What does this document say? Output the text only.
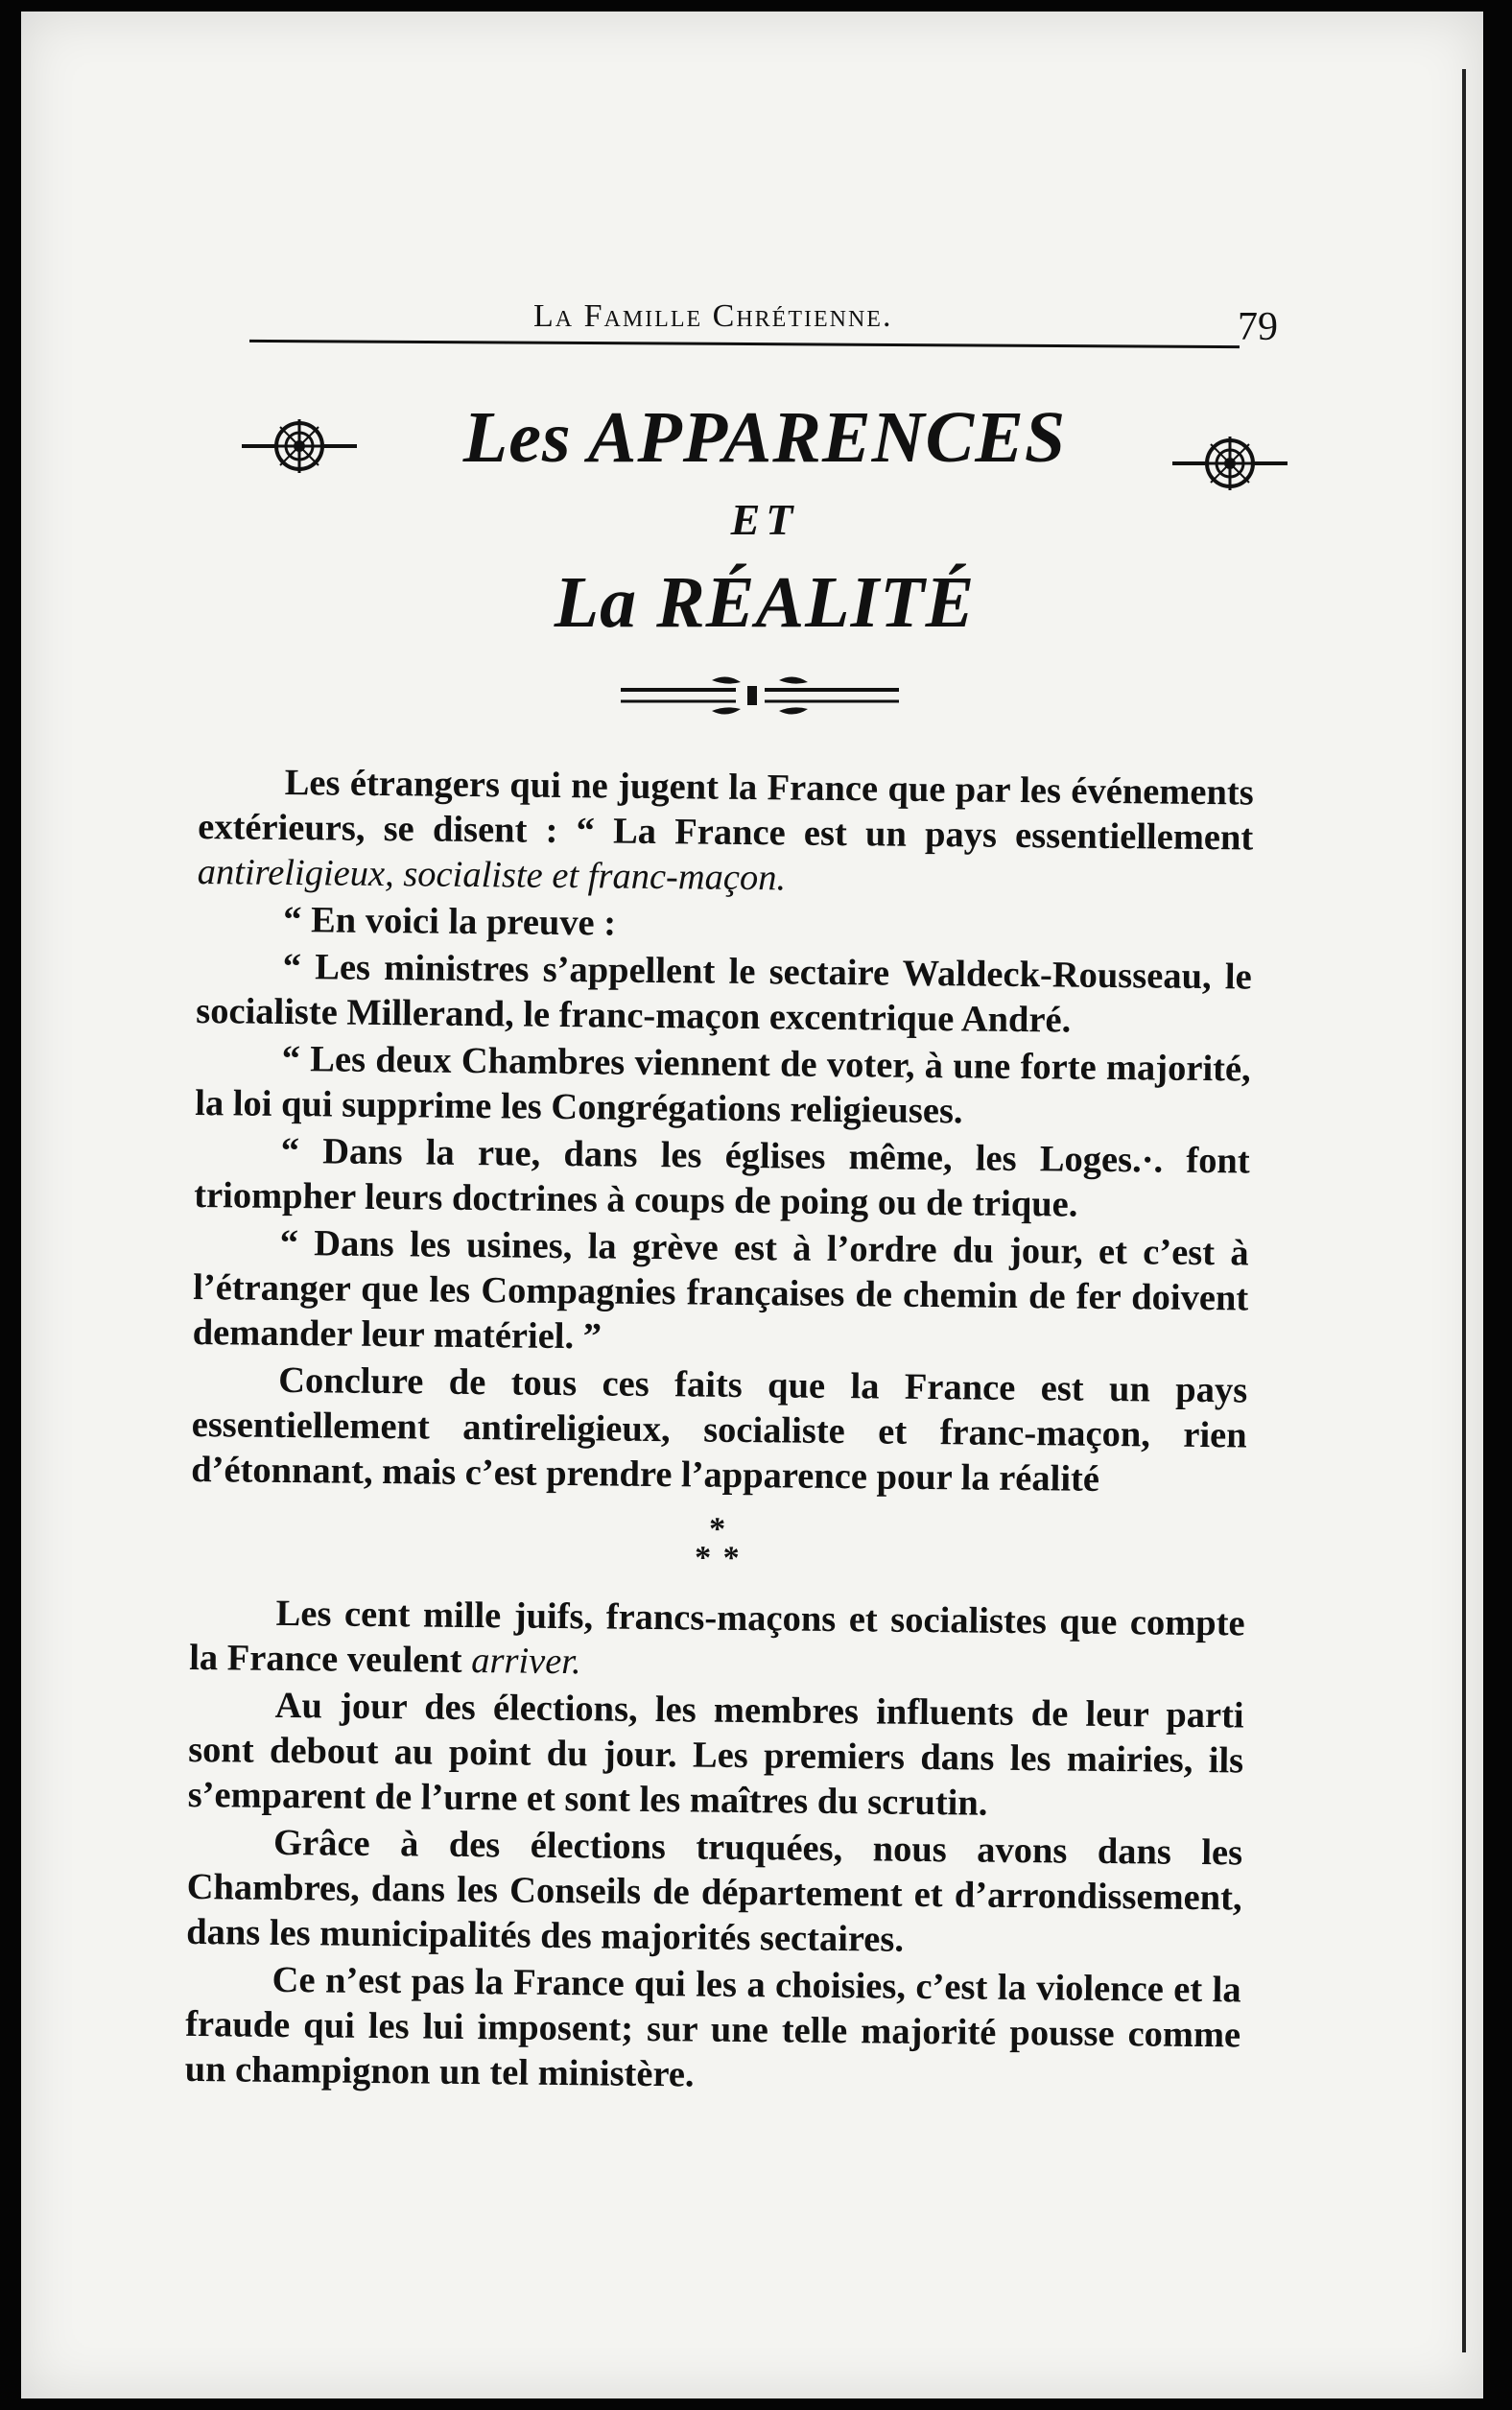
La Famille Chrétienne.	79
Les APPARENCES
ET
La RÉALITÉ

Les étrangers qui ne jugent la France que par les événements extérieurs, se disent : “ La France est un pays essentiellement antireligieux, socialiste et franc-maçon.

“ En voici la preuve :

“ Les ministres s’appellent le sectaire Waldeck-Rousseau, le socialiste Millerand, le franc-maçon excentrique André.

“ Les deux Chambres viennent de voter, à une forte majorité, la loi qui supprime les Congrégations religieuses.

“ Dans la rue, dans les églises même, les Loges.·. font triompher leurs doctrines à coups de poing ou de trique.

“ Dans les usines, la grève est à l’ordre du jour, et c’est à l’étranger que les Compagnies françaises de chemin de fer doivent demander leur matériel. ”

Conclure de tous ces faits que la France est un pays essentiellement antireligieux, socialiste et franc-maçon, rien d’étonnant, mais c’est prendre l’apparence pour la réalité

*
* *

Les cent mille juifs, francs-maçons et socialistes que compte la France veulent arriver.

Au jour des élections, les membres influents de leur parti sont debout au point du jour. Les premiers dans les mairies, ils s’emparent de l’urne et sont les maîtres du scrutin.

Grâce à des élections truquées, nous avons dans les Chambres, dans les Conseils de département et d’arrondissement, dans les municipalités des majorités sectaires.

Ce n’est pas la France qui les a choisies, c’est la violence et la fraude qui les lui imposent; sur une telle majorité pousse comme un champignon un tel ministère.
